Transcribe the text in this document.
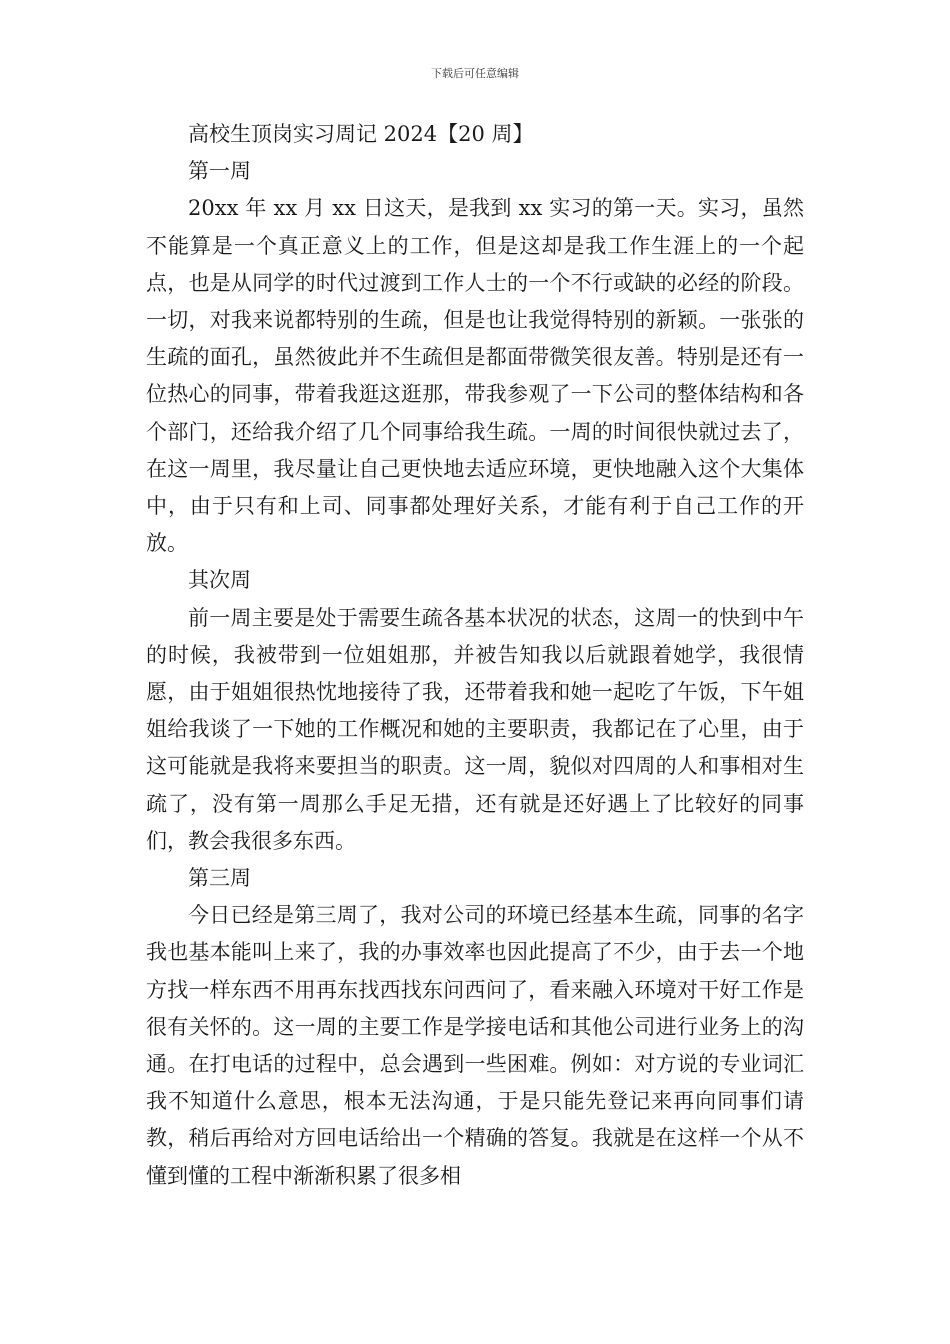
下载后可任意编辑

高校生顶岗实习周记 2024【20 周】

第一周

20xx 年 xx 月 xx 日这天，是我到 xx 实习的第一天。实习，虽然不能算是一个真正意义上的工作，但是这却是我工作生涯上的一个起点，也是从同学的时代过渡到工作人士的一个不行或缺的必经的阶段。一切，对我来说都特别的生疏，但是也让我觉得特别的新颖。一张张的生疏的面孔，虽然彼此并不生疏但是都面带微笑很友善。特别是还有一位热心的同事，带着我逛这逛那，带我参观了一下公司的整体结构和各个部门，还给我介绍了几个同事给我生疏。一周的时间很快就过去了，在这一周里，我尽量让自己更快地去适应环境，更快地融入这个大集体中，由于只有和上司、同事都处理好关系，才能有利于自己工作的开放。

其次周

前一周主要是处于需要生疏各基本状况的状态，这周一的快到中午的时候，我被带到一位姐姐那，并被告知我以后就跟着她学，我很情愿，由于姐姐很热忱地接待了我，还带着我和她一起吃了午饭，下午姐姐给我谈了一下她的工作概况和她的主要职责，我都记在了心里，由于这可能就是我将来要担当的职责。这一周，貌似对四周的人和事相对生疏了，没有第一周那么手足无措，还有就是还好遇上了比较好的同事们，教会我很多东西。

第三周

今日已经是第三周了，我对公司的环境已经基本生疏，同事的名字我也基本能叫上来了，我的办事效率也因此提高了不少，由于去一个地方找一样东西不用再东找西找东问西问了，看来融入环境对干好工作是很有关怀的。这一周的主要工作是学接电话和其他公司进行业务上的沟通。在打电话的过程中，总会遇到一些困难。例如：对方说的专业词汇我不知道什么意思，根本无法沟通，于是只能先登记来再向同事们请教，稍后再给对方回电话给出一个精确的答复。我就是在这样一个从不懂到懂的工程中渐渐积累了很多相
